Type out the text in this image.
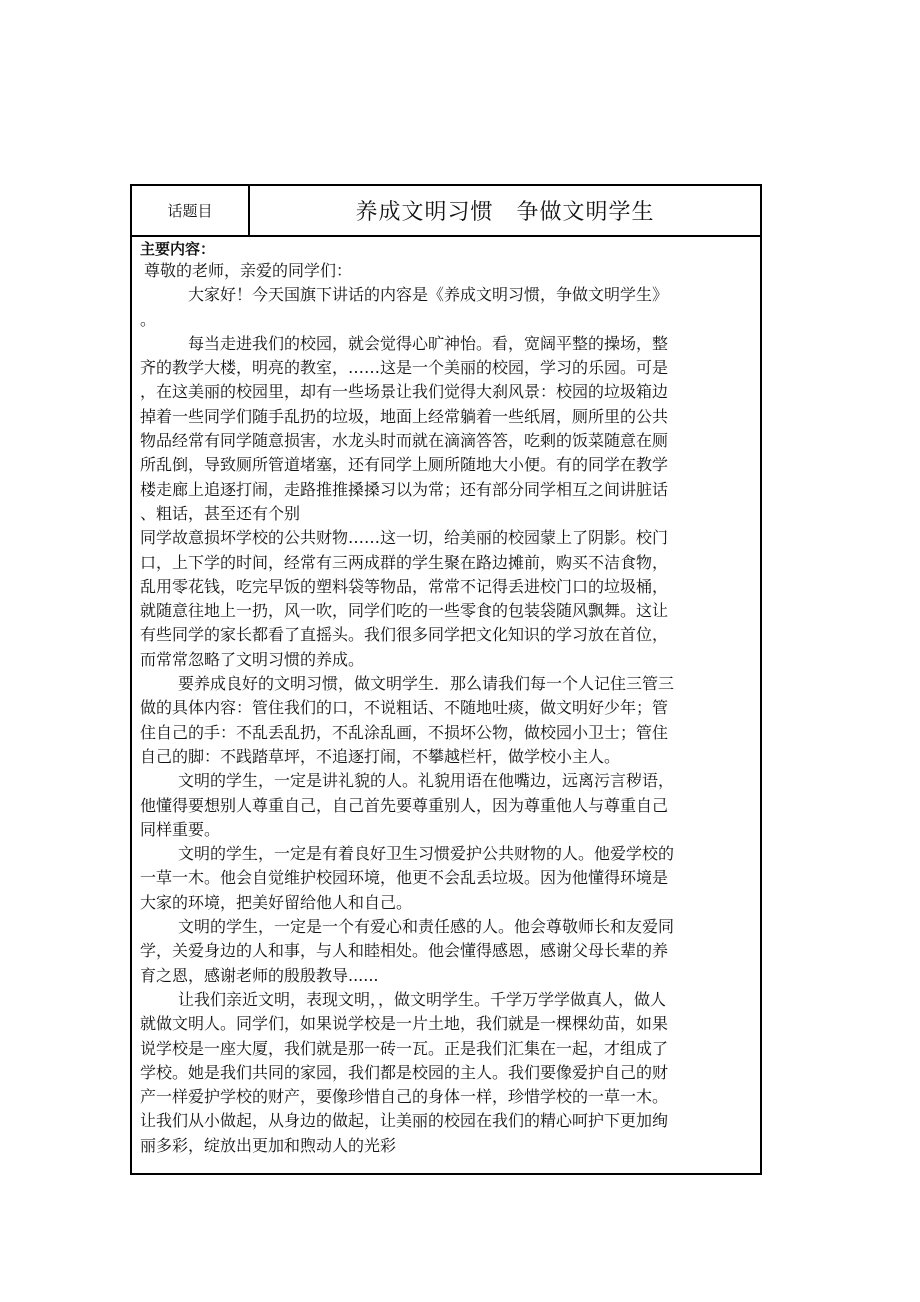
话题目	养成文明习惯　争做文明学生

主要内容：

尊敬的老师，亲爱的同学们：

大家好！今天国旗下讲话的内容是《养成文明习惯，争做文明学生》

。

每当走进我们的校园，就会觉得心旷神怡。看，宽阔平整的操场，整

齐的教学大楼，明亮的教室，……这是一个美丽的校园，学习的乐园。可是

，在这美丽的校园里，却有一些场景让我们觉得大刹风景：校园的垃圾箱边

掉着一些同学们随手乱扔的垃圾，地面上经常躺着一些纸屑，厕所里的公共

物品经常有同学随意损害，水龙头时而就在滴滴答答，吃剩的饭菜随意在厕

所乱倒，导致厕所管道堵塞，还有同学上厕所随地大小便。有的同学在教学

楼走廊上追逐打闹，走路推推搡搡习以为常；还有部分同学相互之间讲脏话

、粗话，甚至还有个别

同学故意损坏学校的公共财物……这一切，给美丽的校园蒙上了阴影。校门

口，上下学的时间，经常有三两成群的学生聚在路边摊前，购买不洁食物，

乱用零花钱，吃完早饭的塑料袋等物品，常常不记得丢进校门口的垃圾桶，

就随意往地上一扔，风一吹，同学们吃的一些零食的包装袋随风飘舞。这让

有些同学的家长都看了直摇头。我们很多同学把文化知识的学习放在首位，

而常常忽略了文明习惯的养成。

要养成良好的文明习惯，做文明学生．那么请我们每一个人记住三管三

做的具体内容：管住我们的口，不说粗话、不随地吐痰，做文明好少年；管

住自己的手：不乱丢乱扔，不乱涂乱画，不损坏公物，做校园小卫士；管住

自己的脚：不践踏草坪，不追逐打闹，不攀越栏杆，做学校小主人。

文明的学生，一定是讲礼貌的人。礼貌用语在他嘴边，远离污言秽语，

他懂得要想别人尊重自己，自己首先要尊重别人，因为尊重他人与尊重自己

同样重要。

文明的学生，一定是有着良好卫生习惯爱护公共财物的人。他爱学校的

一草一木。他会自觉维护校园环境，他更不会乱丢垃圾。因为他懂得环境是

大家的环境，把美好留给他人和自己。

文明的学生，一定是一个有爱心和责任感的人。他会尊敬师长和友爱同

学，关爱身边的人和事，与人和睦相处。他会懂得感恩，感谢父母长辈的养

育之恩，感谢老师的殷殷教导......

让我们亲近文明，表现文明，，做文明学生。千学万学学做真人，做人

就做文明人。同学们，如果说学校是一片土地，我们就是一棵棵幼苗，如果

说学校是一座大厦，我们就是那一砖一瓦。正是我们汇集在一起，才组成了

学校。她是我们共同的家园，我们都是校园的主人。我们要像爱护自己的财

产一样爱护学校的财产，要像珍惜自己的身体一样，珍惜学校的一草一木。

让我们从小做起，从身边的做起，让美丽的校园在我们的精心呵护下更加绚

丽多彩，绽放出更加和煦动人的光彩
